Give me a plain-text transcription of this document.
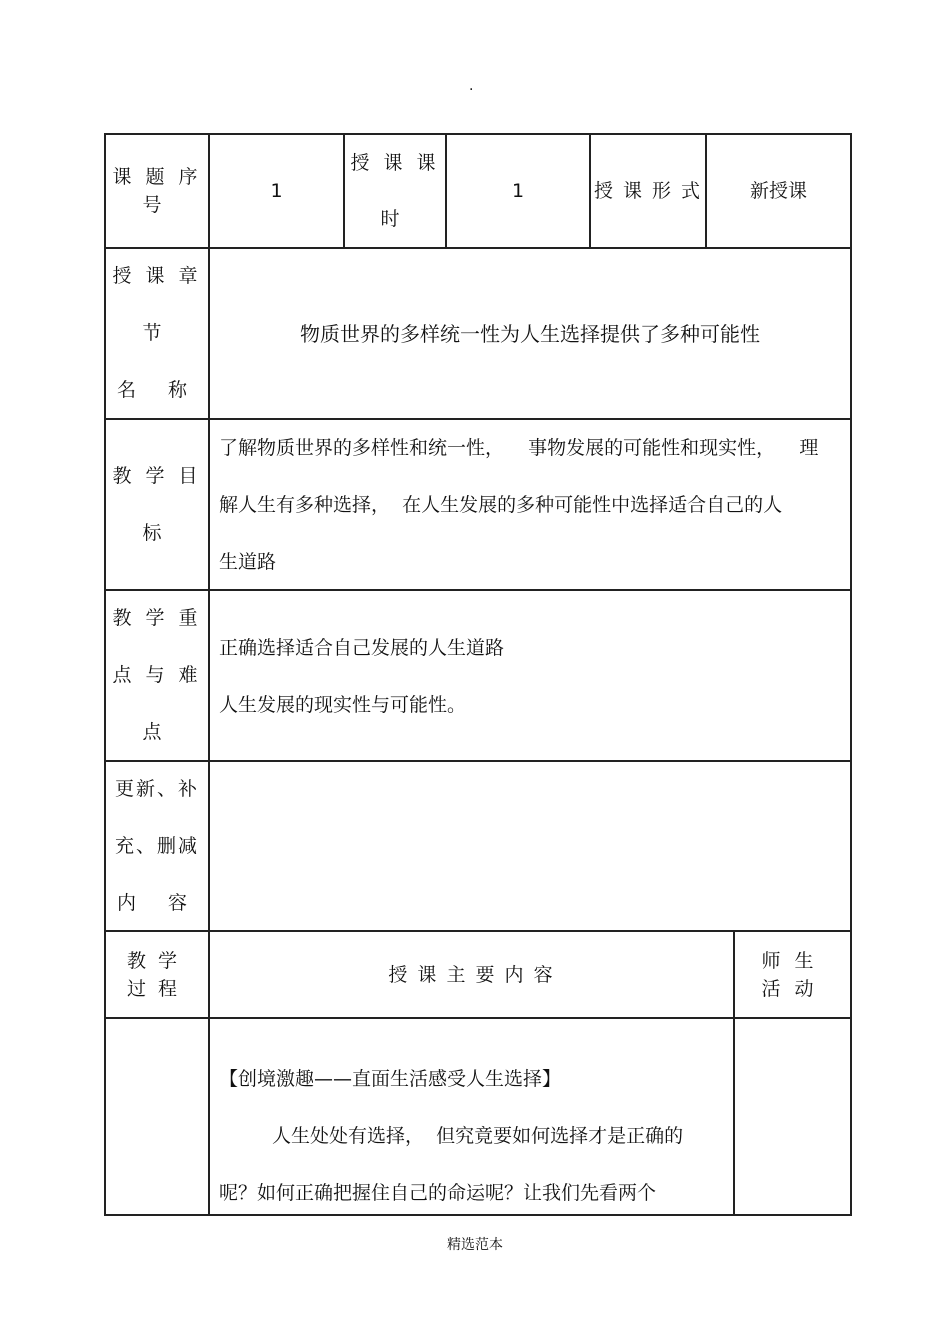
.
课 题 序
号
1
授 课 课
时
1	授 课 形 式	新授课
授 课 章
节
名 称
物质世界的多样统一性为人生选择提供了多种可能性
教 学 目
标
了解物质世界的多样性和统一性，    事物发展的可能性和现实性，    理
解人生有多种选择，  在人生发展的多种可能性中选择适合自己的人
生道路
教 学 重
点 与 难
点
正确选择适合自己发展的人生道路
人生发展的现实性与可能性。
更新、补
充、删减
内 容
教 学
过 程
授 课 主 要 内 容
师 生
活 动
【创境激趣——直面生活感受人生选择】
人生处处有选择，  但究竟要如何选择才是正确的
呢？如何正确把握住自己的命运呢？让我们先看两个
精选范本
